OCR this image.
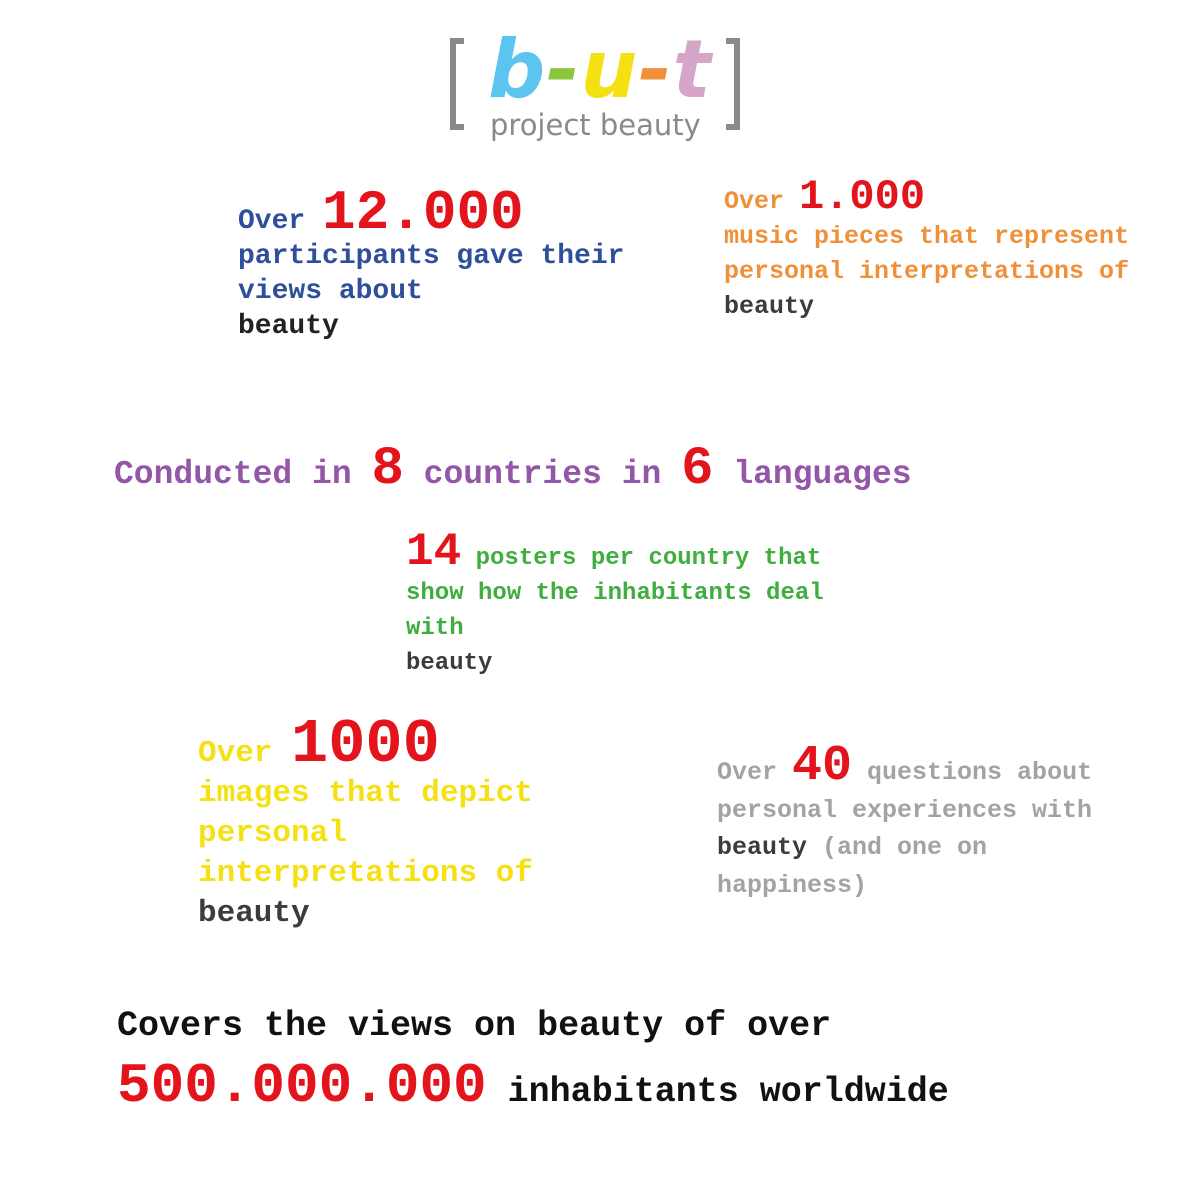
b-u-t
project beauty
Over 12.000
participants gave their views about
beauty
Over 1.000
music pieces that represent personal interpretations of
beauty
Conducted in 8 countries in 6 languages
14 posters per country that show how the inhabitants deal with
beauty
Over 1000
images that depict personal interpretations of beauty
Over 40 questions about personal experiences with beauty (and one on happiness)
Covers the views on beauty of over 500.000.000 inhabitants worldwide
